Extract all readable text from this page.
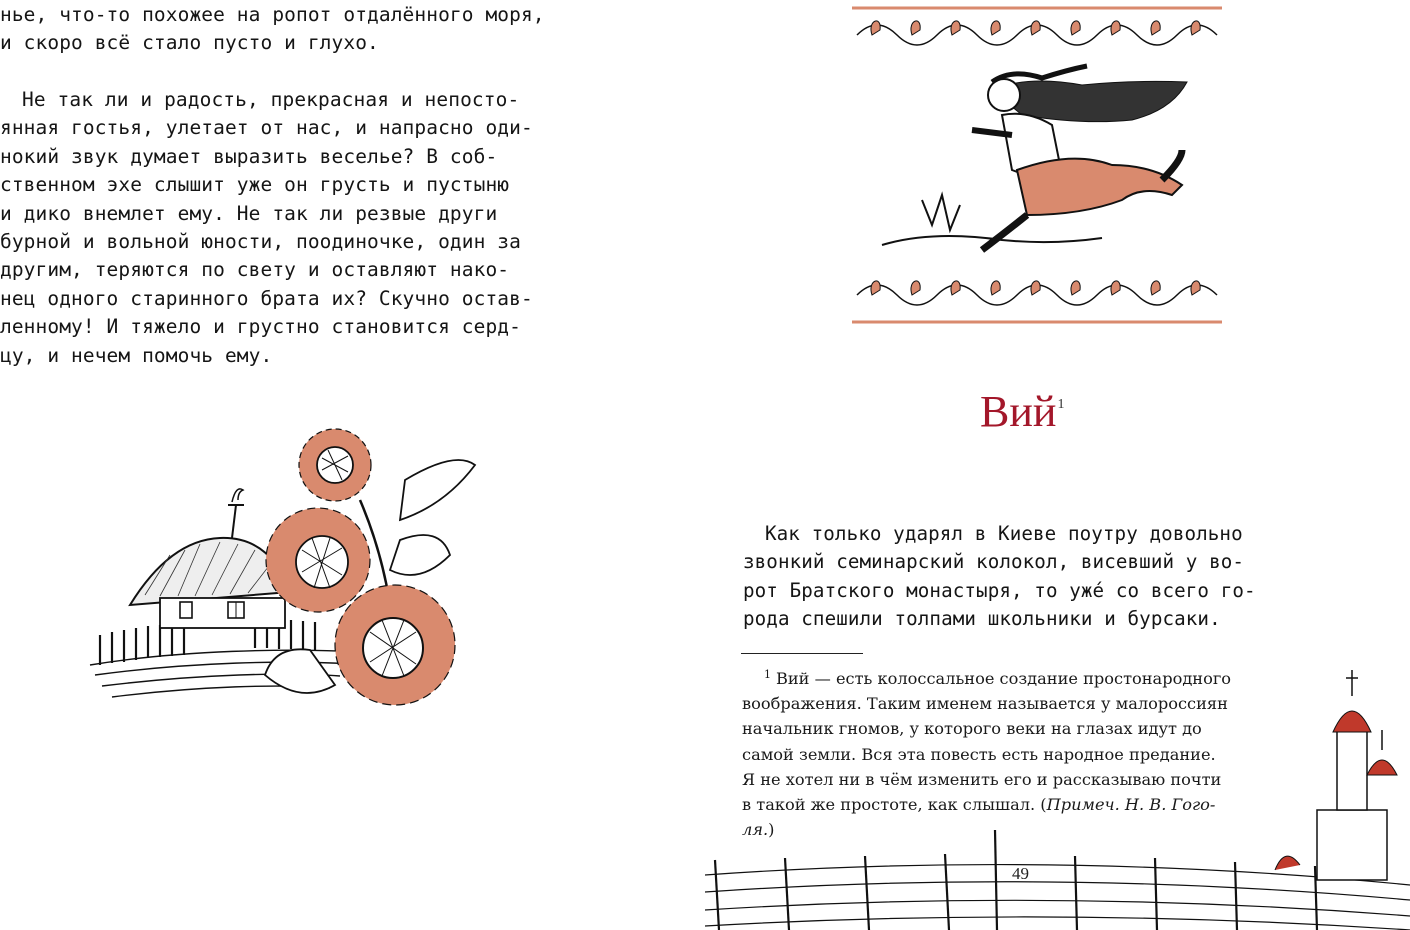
нье, что-то похожее на ропот отдалённого моря,
и скоро всё стало пусто и глухо.
Не так ли и радость, прекрасная и непосто-
янная гостья, улетает от нас, и напрасно оди-
нокий звук думает выразить веселье? В соб-
ственном эхе слышит уже он грусть и пустыню
и дико внемлет ему. Не так ли резвые други
бурной и вольной юности, поодиночке, один за
другим, теряются по свету и оставляют нако-
нец одного старинного брата их? Скучно остав-
ленному! И тяжело и грустно становится серд-
цу, и нечем помочь ему.
Вий$^1$
Как только ударял в Киеве поутру довольно
звонкий семинарский колокол, висевший у во-
рот Братского монастыря, то уже́ со всего го-
рода спешили толпами школьники и бурсаки.
$^1$ Вий — есть колоссальное создание простонародного
воображения. Таким именем называется у малороссиян
начальник гномов, у которого веки на глазах идут до
самой земли. Вся эта повесть есть народное предание.
Я не хотел ни в чём изменить его и рассказываю почти
в такой же простоте, как слышал. (Примеч. Н. В. Гого-
ля.)
49
